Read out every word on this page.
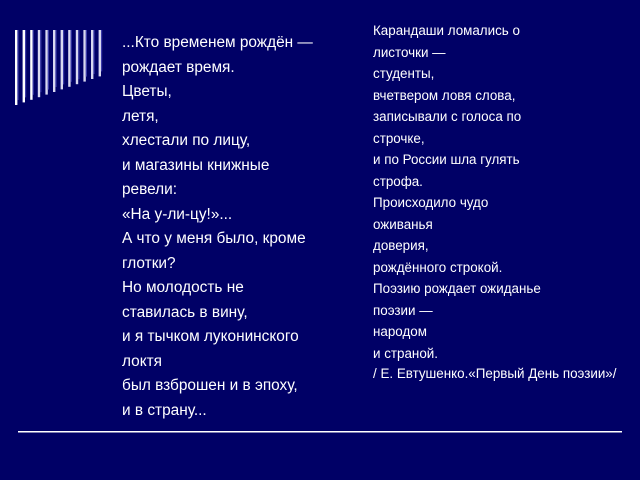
...Кто временем рождён —
рождает время.
Цветы,
летя,
хлестали по лицу,
и магазины книжные
ревели:
«На у-ли-цу!»...
А что у меня было, кроме
глотки?
Но молодость не
ставилась в вину,
и я тычком луконинского
локтя
был взброшен и в эпоху,
и в страну...
Карандаши ломались о
листочки —
студенты,
вчетвером ловя слова,
записывали с голоса по
строчке,
и по России шла гулять
строфа.
Происходило чудо
оживанья
доверия,
рождённого строкой.
Поэзию рождает ожиданье
поэзии —
народом
и страной.
/ Е. Евтушенко.«Первый День поэзии»/
